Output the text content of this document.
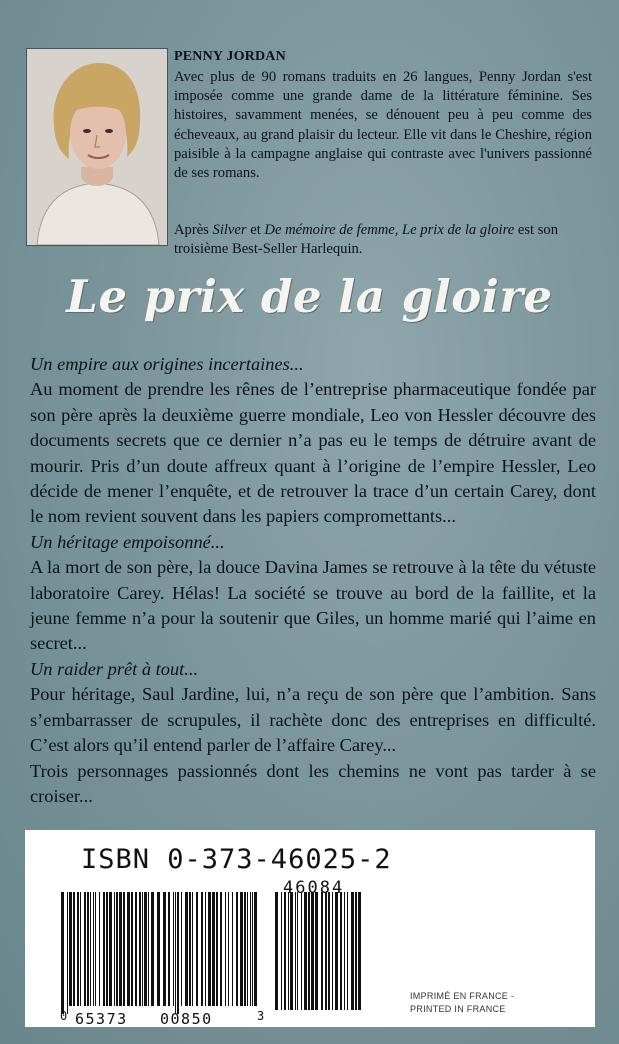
PENNY JORDAN
Avec plus de 90 romans traduits en 26 langues, Penny Jordan s'est imposée comme une grande dame de la littérature féminine. Ses histoires, savamment menées, se dénouent peu à peu comme des écheveaux, au grand plaisir du lecteur. Elle vit dans le Cheshire, région paisible à la campagne anglaise qui contraste avec l'univers passionné de ses romans.
Après Silver et De mémoire de femme, Le prix de la gloire est son troisième Best-Seller Harlequin.
Le prix de la gloire

Un empire aux origines incertaines...

Au moment de prendre les rênes de l’entreprise pharmaceutique fondée par son père après la deuxième guerre mondiale, Leo von Hessler découvre des documents secrets que ce dernier n’a pas eu le temps de détruire avant de mourir. Pris d’un doute affreux quant à l’origine de l’empire Hessler, Leo décide de mener l’enquête, et de retrouver la trace d’un certain Carey, dont le nom revient souvent dans les papiers compromettants...

Un héritage empoisonné...

A la mort de son père, la douce Davina James se retrouve à la tête du vétuste laboratoire Carey. Hélas! La société se trouve au bord de la faillite, et la jeune femme n’a pour la soutenir que Giles, un homme marié qui l’aime en secret...

Un raider prêt à tout...

Pour héritage, Saul Jardine, lui, n’a reçu de son père que l’ambition. Sans s’embarrasser de scrupules, il rachète donc des entreprises en difficulté. C’est alors qu’il entend parler de l’affaire Carey...

Trois personnages passionnés dont les chemins ne vont pas tarder à se croiser...

ISBN 0-373-46025-2
0 65373 00850	3
46084
IMPRIMÉ EN FRANCE -
PRINTED IN FRANCE
